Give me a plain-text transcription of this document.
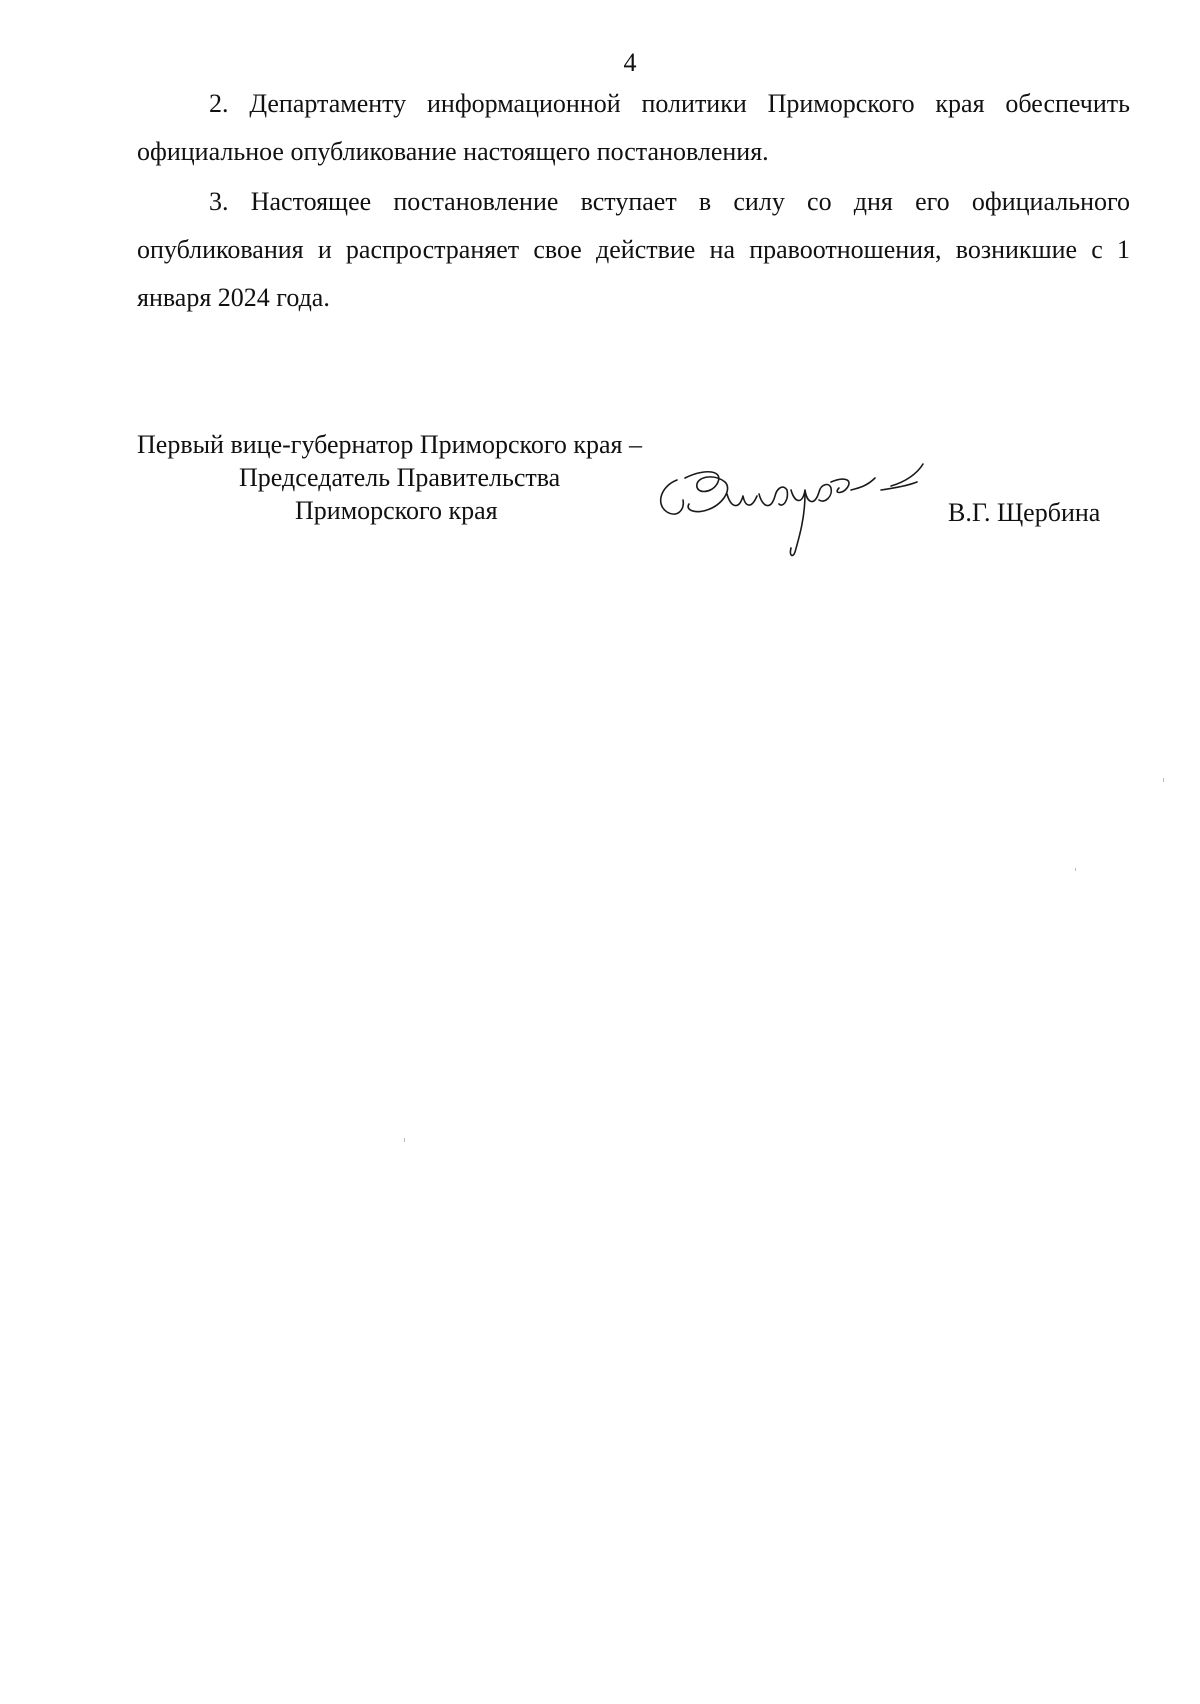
4

2. Департаменту информационной политики Приморского края обеспечить официальное опубликование настоящего постановления.

3. Настоящее постановление вступает в силу со дня его официального опубликования и распространяет свое действие на правоотношения, возникшие с 1 января 2024 года.

Первый вице-губернатор Приморского края –
Председатель Правительства
Приморского края	В.Г. Щербина
